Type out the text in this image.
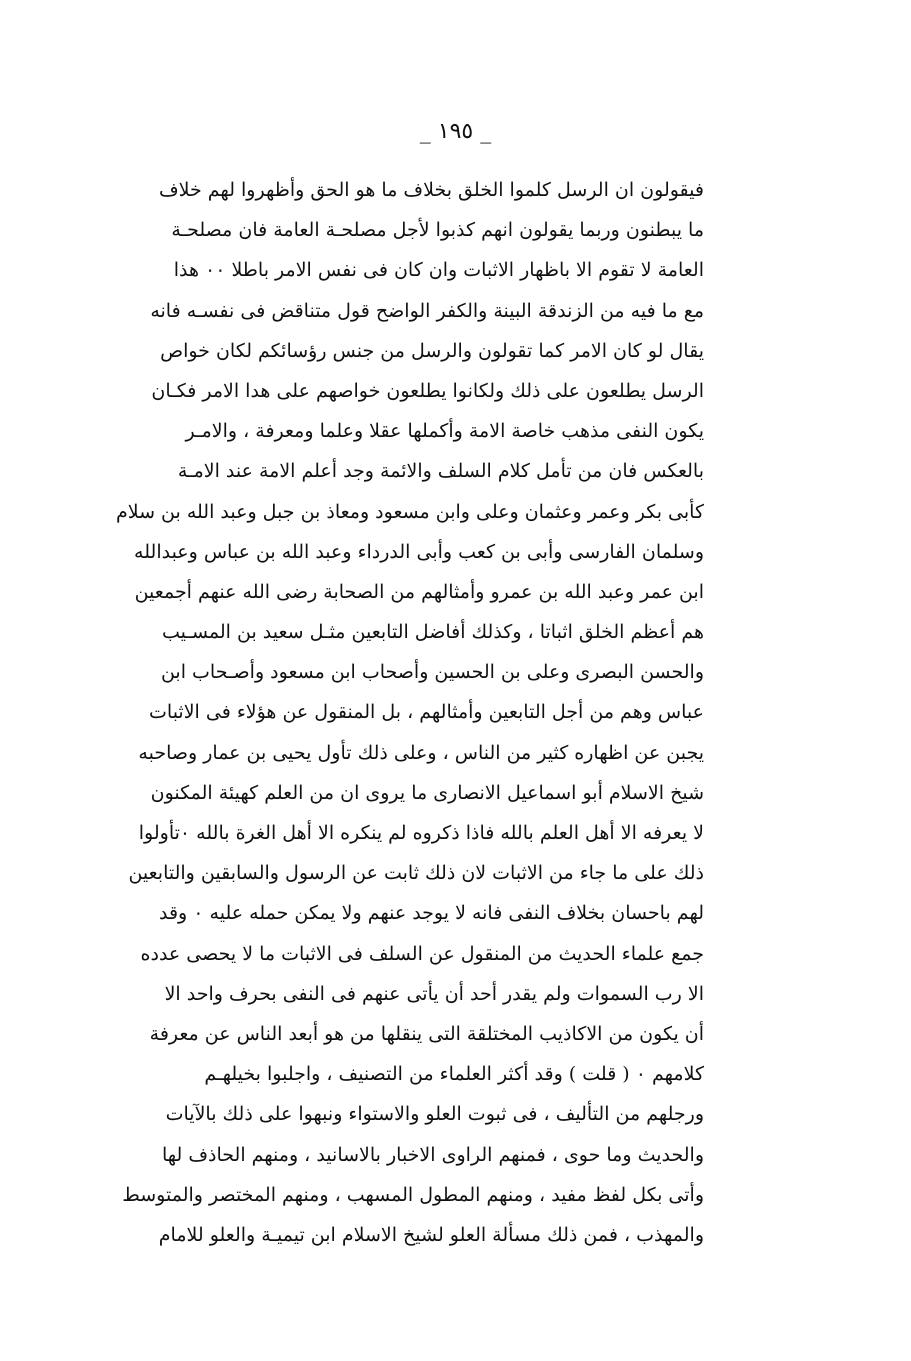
_ ١٩٥ _
فيقولون ان الرسل كلموا الخلق بخلاف ما هو الحق وأظهروا لهم خلاف
ما يبطنون وربما يقولون انهم كذبوا لأجل مصلحـة العامة فان مصلحـة
العامة لا تقوم الا باظهار الاثبات وان كان فى نفس الامر باطلا ٠٠ هذا
مع ما فيه من الزندقة البينة والكفر الواضح قول متناقض فى نفسـه فانه
يقال لو كان الامر كما تقولون والرسل من جنس رؤسائكم لكان خواص
الرسل يطلعون على ذلك ولكانوا يطلعون خواصهم على هدا الامر فكـان
يكون النفى مذهب خاصة الامة وأكملها عقلا وعلما ومعرفة ، والامـر
بالعكس فان من تأمل كلام السلف والائمة وجد أعلم الامة عند الامـة
كأبى بكر وعمر وعثمان وعلى وابن مسعود ومعاذ بن جبل وعبد الله بن سلام
وسلمان الفارسى وأبى بن كعب وأبى الدرداء وعبد الله بن عباس وعبدالله
ابن عمر وعبد الله بن عمرو وأمثالهم من الصحابة رضى الله عنهم أجمعين
هم أعظم الخلق اثباتا ، وكذلك أفاضل التابعين مثـل سعيد بن المسـيب
والحسن البصرى وعلى بن الحسين وأصحاب ابن مسعود وأصـحاب ابن
عباس وهم من أجل التابعين وأمثالهم ، بل المنقول عن هؤلاء فى الاثبات
يجبن عن اظهاره كثير من الناس ، وعلى ذلك تأول يحيى بن عمار وصاحبه
شيخ الاسلام أبو اسماعيل الانصارى ما يروى ان من العلم كهيئة المكنون
لا يعرفه الا أهل العلم بالله فاذا ذكروه لم ينكره الا أهل الغرة بالله ٠تأولوا
ذلك على ما جاء من الاثبات لان ذلك ثابت عن الرسول والسابقين والتابعين
لهم باحسان بخلاف النفى فانه لا يوجد عنهم ولا يمكن حمله عليه ٠ وقد
جمع علماء الحديث من المنقول عن السلف فى الاثبات ما لا يحصى عدده
الا رب السموات ولم يقدر أحد أن يأتى عنهم فى النفى بحرف واحد الا
أن يكون من الاكاذيب المختلقة التى ينقلها من هو أبعد الناس عن معرفة
كلامهم ٠ ( قلت ) وقد أكثر العلماء من التصنيف ، واجلبوا بخيلهـم
ورجلهم من التأليف ، فى ثبوت العلو والاستواء ونبهوا على ذلك بالآيات
والحديث وما حوى ، فمنهم الراوى الاخبار بالاسانيد ، ومنهم الحاذف لها
وأتى بكل لفظ مفيد ، ومنهم المطول المسهب ، ومنهم المختصر والمتوسط
والمهذب ، فمن ذلك مسألة العلو لشيخ الاسلام ابن تيميـة والعلو للامام
